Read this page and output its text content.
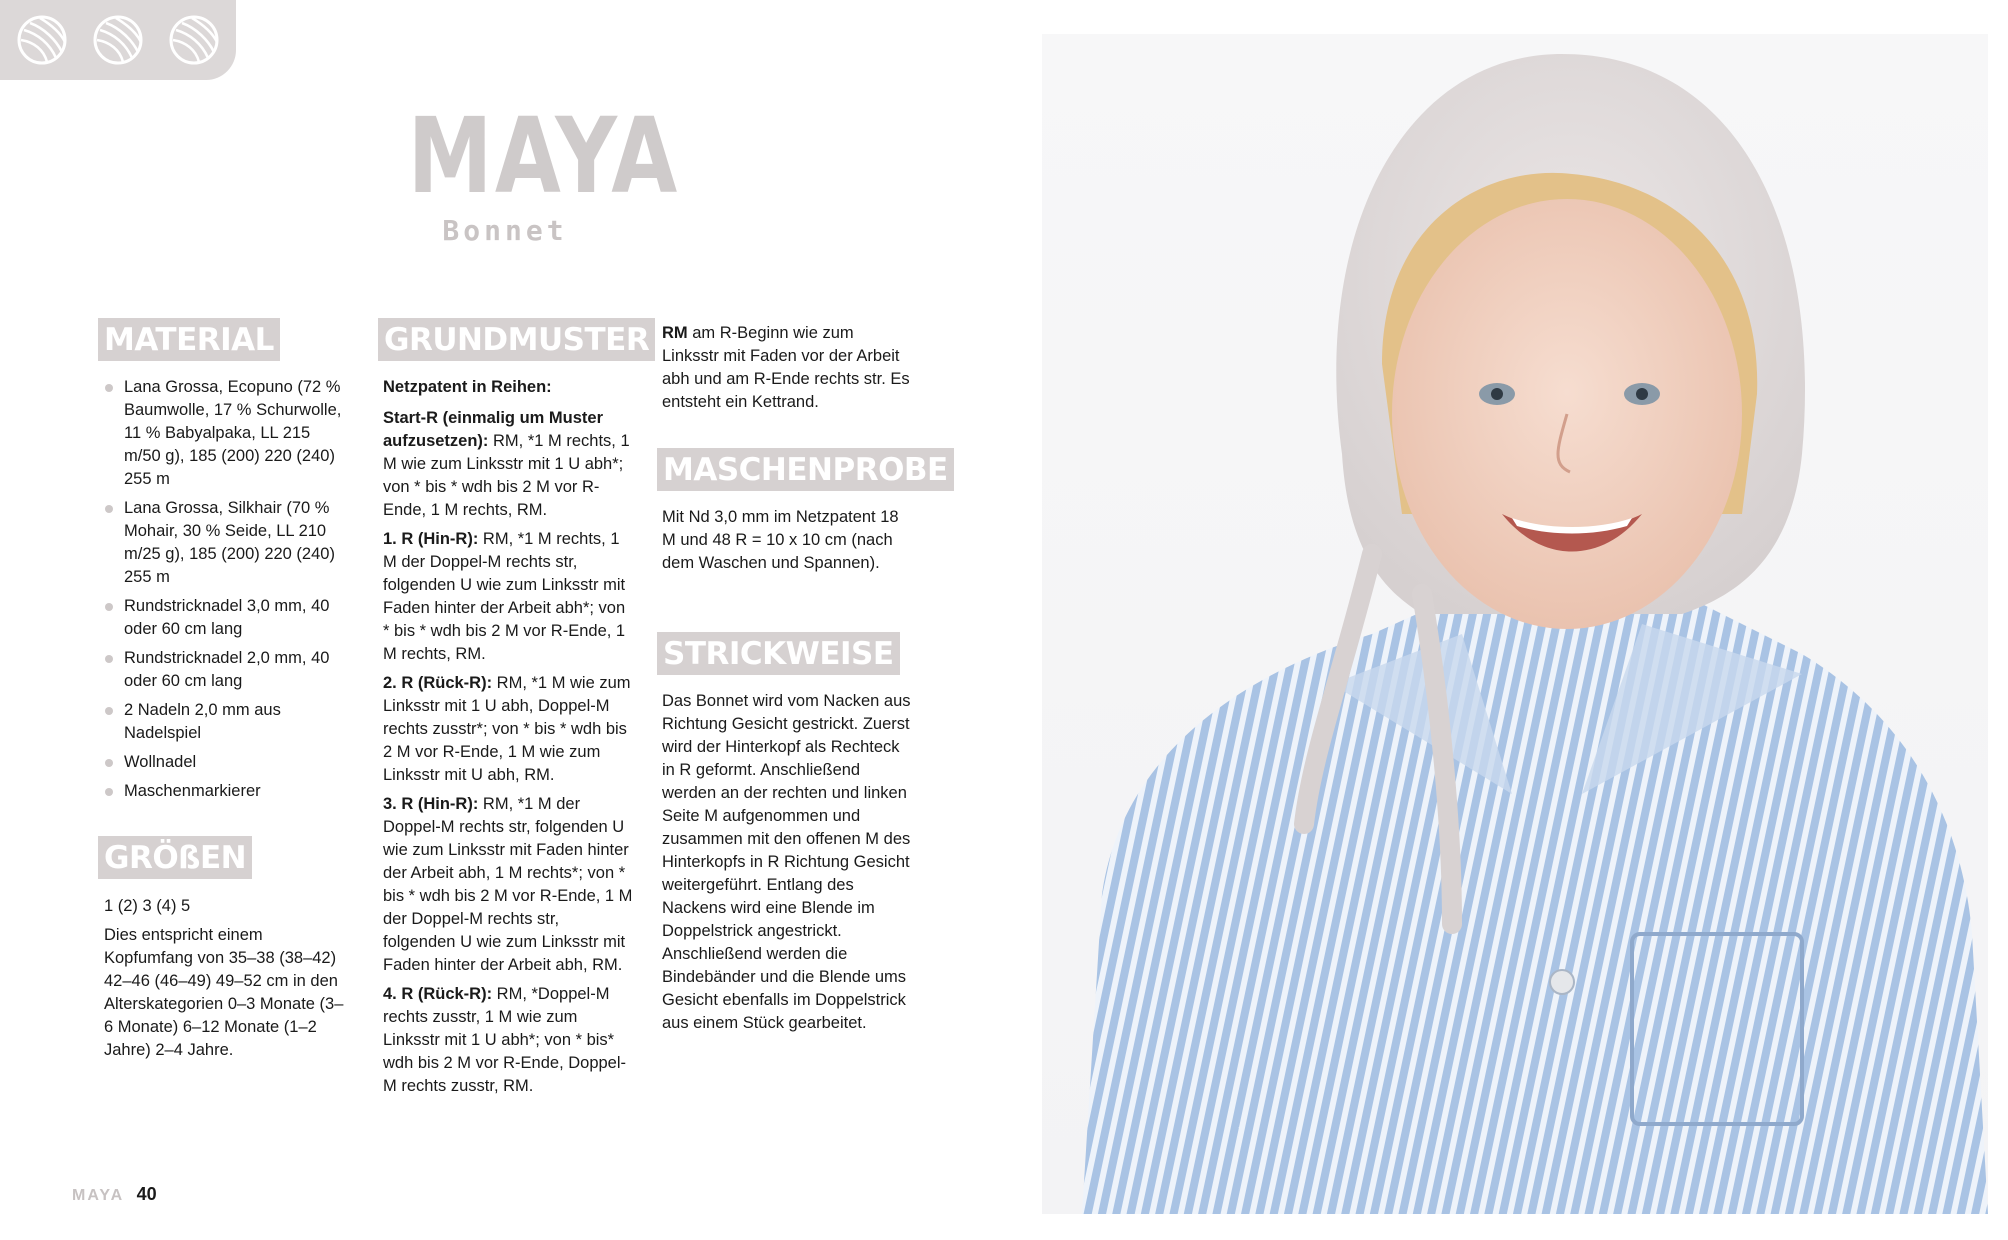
MAYA
Bonnet
MATERIAL
Lana Grossa, Ecopuno (72 % Baumwolle, 17 % Schurwolle, 11 % Babyalpaka, LL 215 m/50 g), 185 (200) 220 (240) 255 m
Lana Grossa, Silkhair (70 % Mohair, 30 % Seide, LL 210 m/25 g), 185 (200) 220 (240) 255 m
Rundstricknadel 3,0 mm, 40 oder 60 cm lang
Rundstricknadel 2,0 mm, 40 oder 60 cm lang
2 Nadeln 2,0 mm aus Nadelspiel
Wollnadel
Maschenmarkierer
GRÖßEN

1 (2) 3 (4) 5

Dies entspricht einem Kopfumfang von 35–38 (38–42) 42–46 (46–49) 49–52 cm in den Alterskategorien 0–3 Monate (3–6 Monate) 6–12 Monate (1–2 Jahre) 2–4 Jahre.

GRUNDMUSTER

Netzpatent in Reihen:

Start-R (einmalig um Muster aufzusetzen): RM, *1 M rechts, 1 M wie zum Linksstr mit 1 U abh*; von * bis * wdh bis 2 M vor R-Ende, 1 M rechts, RM.

1. R (Hin-R): RM, *1 M rechts, 1 M der Doppel-M rechts str, folgenden U wie zum Linksstr mit Faden hinter der Arbeit abh*; von * bis * wdh bis 2 M vor R-Ende, 1 M rechts, RM.

2. R (Rück-R): RM, *1 M wie zum Linksstr mit 1 U abh, Doppel-M rechts zusstr*; von * bis * wdh bis 2 M vor R-Ende, 1 M wie zum Linksstr mit U abh, RM.

3. R (Hin-R): RM, *1 M der Doppel-M rechts str, folgenden U wie zum Linksstr mit Faden hinter der Arbeit abh, 1 M rechts*; von * bis * wdh bis 2 M vor R-Ende, 1 M der Doppel-M rechts str, folgenden U wie zum Linksstr mit Faden hinter der Arbeit abh, RM.

4. R (Rück-R): RM, *Doppel-M rechts zusstr, 1 M wie zum Linksstr mit 1 U abh*; von * bis* wdh bis 2 M vor R-Ende, Doppel-M rechts zusstr, RM.

RM am R-Beginn wie zum Linksstr mit Faden vor der Arbeit abh und am R-Ende rechts str. Es entsteht ein Kettrand.

MASCHENPROBE

Mit Nd 3,0 mm im Netzpatent 18 M und 48 R = 10 x 10 cm (nach dem Waschen und Spannen).

STRICKWEISE

Das Bonnet wird vom Nacken aus Richtung Gesicht gestrickt. Zuerst wird der Hinterkopf als Rechteck in R geformt. Anschließend werden an der rechten und linken Seite M aufgenommen und zusammen mit den offenen M des Hinterkopfs in R Richtung Gesicht weitergeführt. Entlang des Nackens wird eine Blende im Doppelstrick angestrickt. Anschließend werden die Bindebänder und die Blende ums Gesicht ebenfalls im Doppelstrick aus einem Stück gearbeitet.

MAYA 40
